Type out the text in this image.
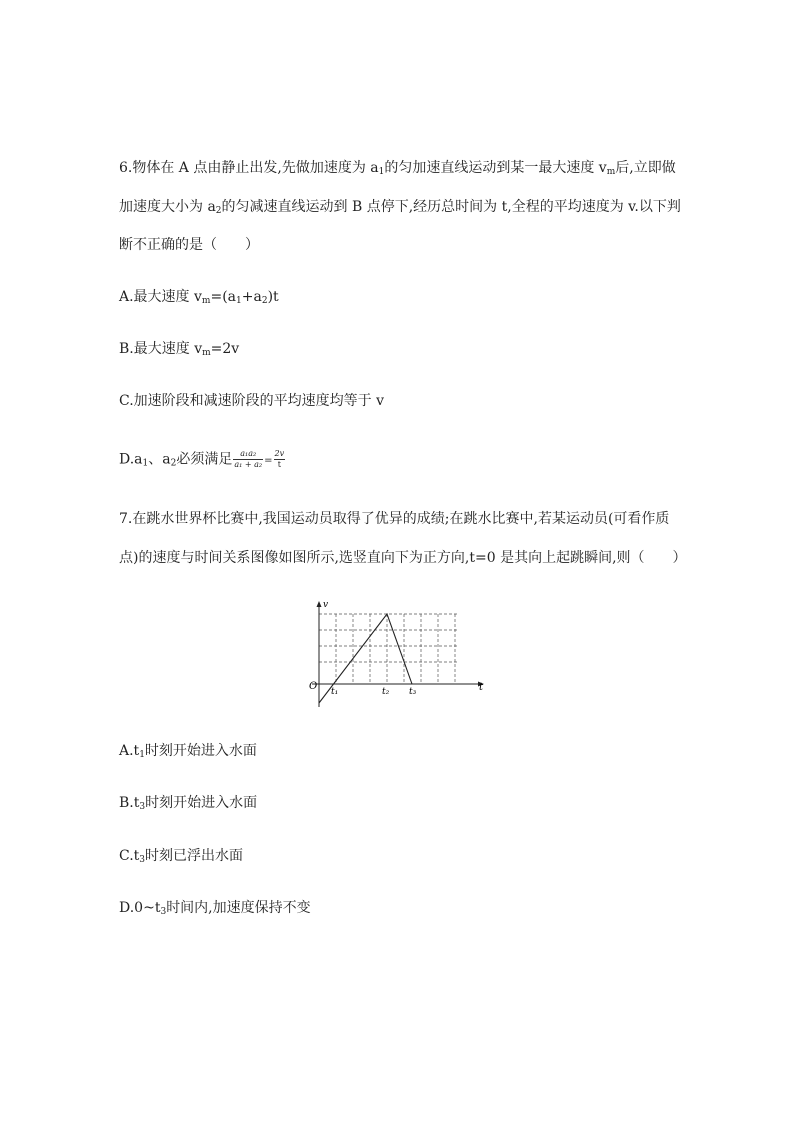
6.物体在 A 点由静止出发,先做加速度为 $a_1$的匀加速直线运动到某一最大速度 $v_m$后,立即做
加速度大小为 $a_2$的匀减速直线运动到 B 点停下,经历总时间为 t,全程的平均速度为 v.以下判
断不正确的是（　　）
A.最大速度 $v_m=(a_1+a_2)t$
B.最大速度 $v_m=2v$
C.加速阶段和减速阶段的平均速度均等于 v
$D.a_1$、$a_2$必须满足 $\frac{\text{a₁a₂}}{\text{a₁ + a₂}} = \frac{2v}{t}$
7.在跳水世界杯比赛中,我国运动员取得了优异的成绩;在跳水比赛中,若某运动员(可看作质
点)的速度与时间关系图像如图所示,选竖直向下为正方向,t=0 是其向上起跳瞬间,则（　　）
v
t
O t₁	t₂ t₃
$A.t_1$时刻开始进入水面
$B.t_3$时刻开始进入水面
$C.t_3$时刻已浮出水面
$D.0\sim t_3$时间内,加速度保持不变
